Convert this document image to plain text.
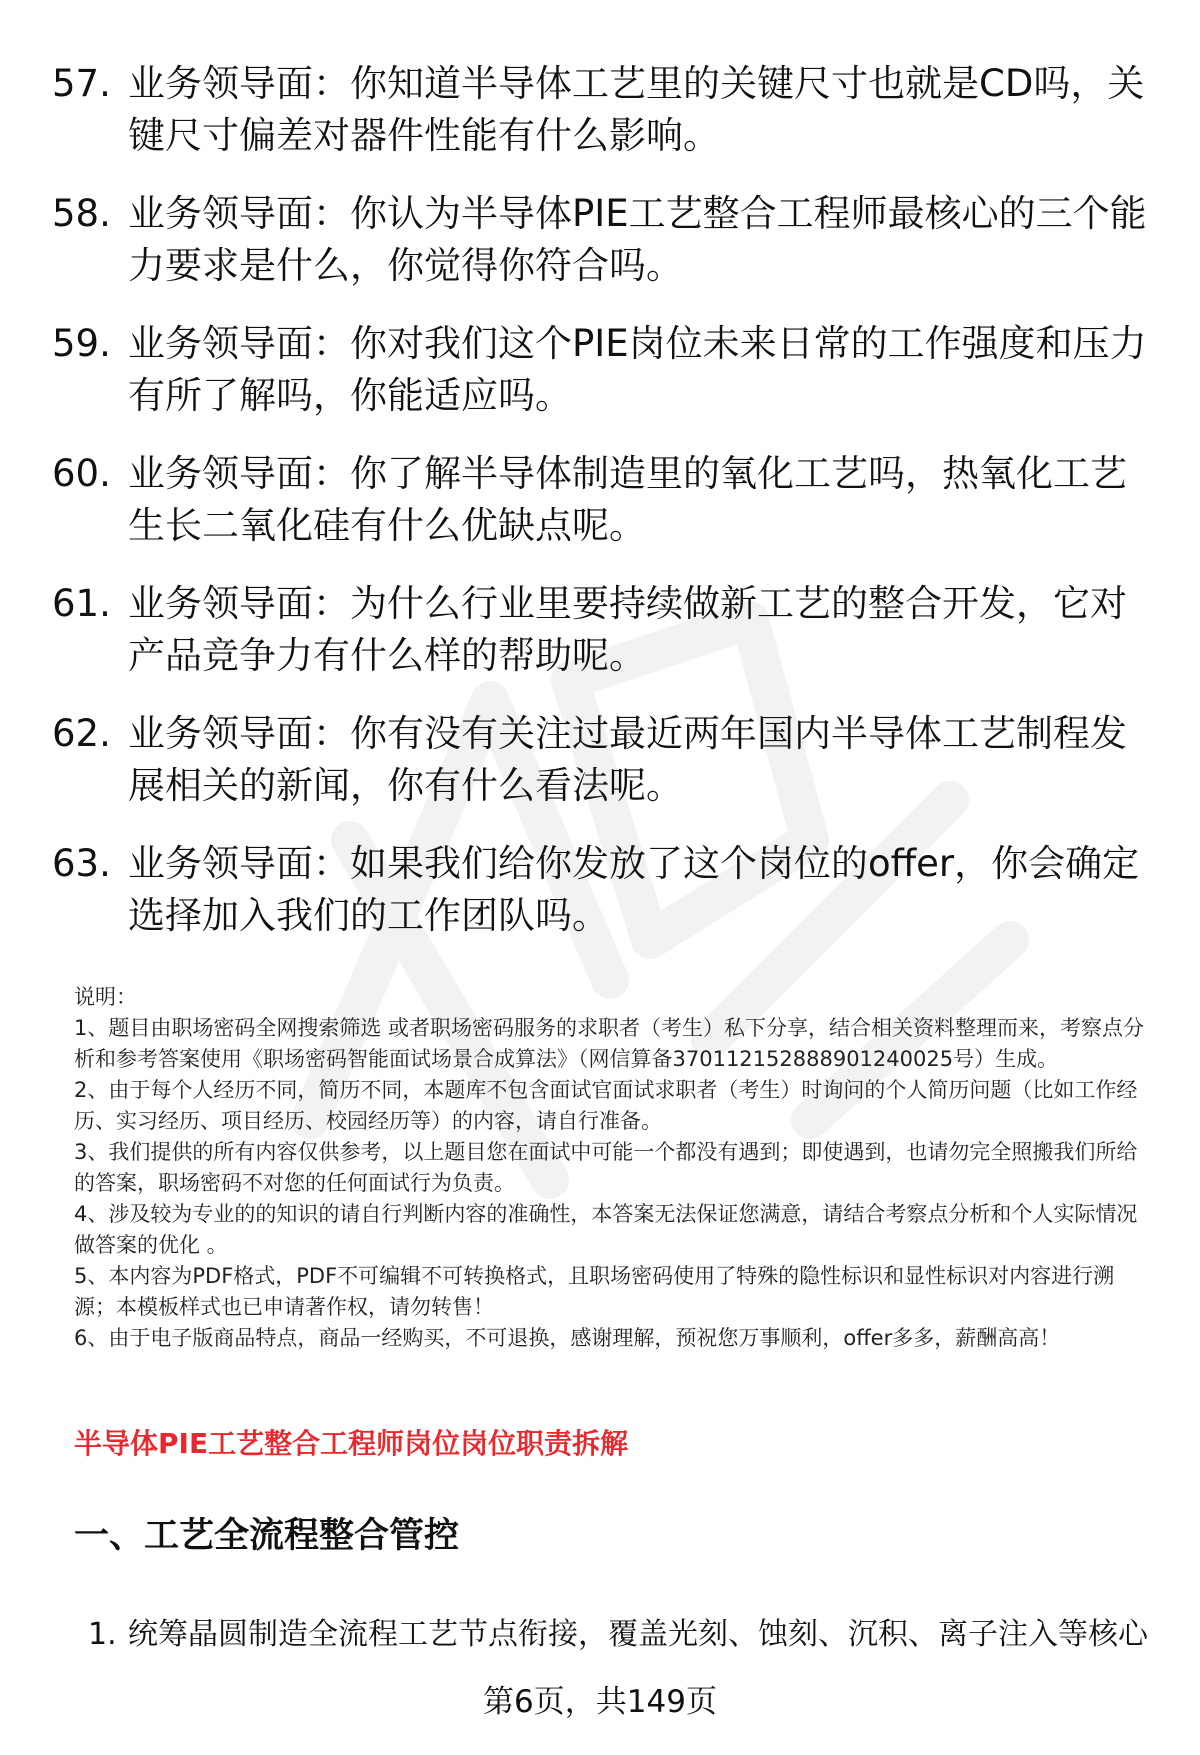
57. 业务领导面：你知道半导体工艺里的关键尺寸也就是CD吗，关键尺寸偏差对器件性能有什么影响。
58. 业务领导面：你认为半导体PIE工艺整合工程师最核心的三个能力要求是什么，你觉得你符合吗。
59. 业务领导面：你对我们这个PIE岗位未来日常的工作强度和压力有所了解吗，你能适应吗。
60. 业务领导面：你了解半导体制造里的氧化工艺吗，热氧化工艺生长二氧化硅有什么优缺点呢。
61. 业务领导面：为什么行业里要持续做新工艺的整合开发，它对产品竞争力有什么样的帮助呢。
62. 业务领导面：你有没有关注过最近两年国内半导体工艺制程发展相关的新闻，你有什么看法呢。
63. 业务领导面：如果我们给你发放了这个岗位的offer，你会确定选择加入我们的工作团队吗。

说明：

1、题目由职场密码全网搜索筛选 或者职场密码服务的求职者（考生）私下分享，结合相关资料整理而来，考察点分析和参考答案使用《职场密码智能面试场景合成算法》（网信算备370112152888901240025号）生成。

2、由于每个人经历不同，简历不同，本题库不包含面试官面试求职者（考生）时询问的个人简历问题（比如工作经历、实习经历、项目经历、校园经历等）的内容，请自行准备。

3、我们提供的所有内容仅供参考，以上题目您在面试中可能一个都没有遇到；即使遇到，也请勿完全照搬我们所给的答案，职场密码不对您的任何面试行为负责。

4、涉及较为专业的的知识的请自行判断内容的准确性，本答案无法保证您满意，请结合考察点分析和个人实际情况做答案的优化 。

5、本内容为PDF格式，PDF不可编辑不可转换格式，且职场密码使用了特殊的隐性标识和显性标识对内容进行溯源；本模板样式也已申请著作权，请勿转售！

6、由于电子版商品特点，商品一经购买，不可退换，感谢理解，预祝您万事顺利，offer多多，薪酬高高！

半导体PIE工艺整合工程师岗位岗位职责拆解
一、工艺全流程整合管控
1. 统筹晶圆制造全流程工艺节点衔接，覆盖光刻、蚀刻、沉积、离子注入等核心
第6页，共149页
